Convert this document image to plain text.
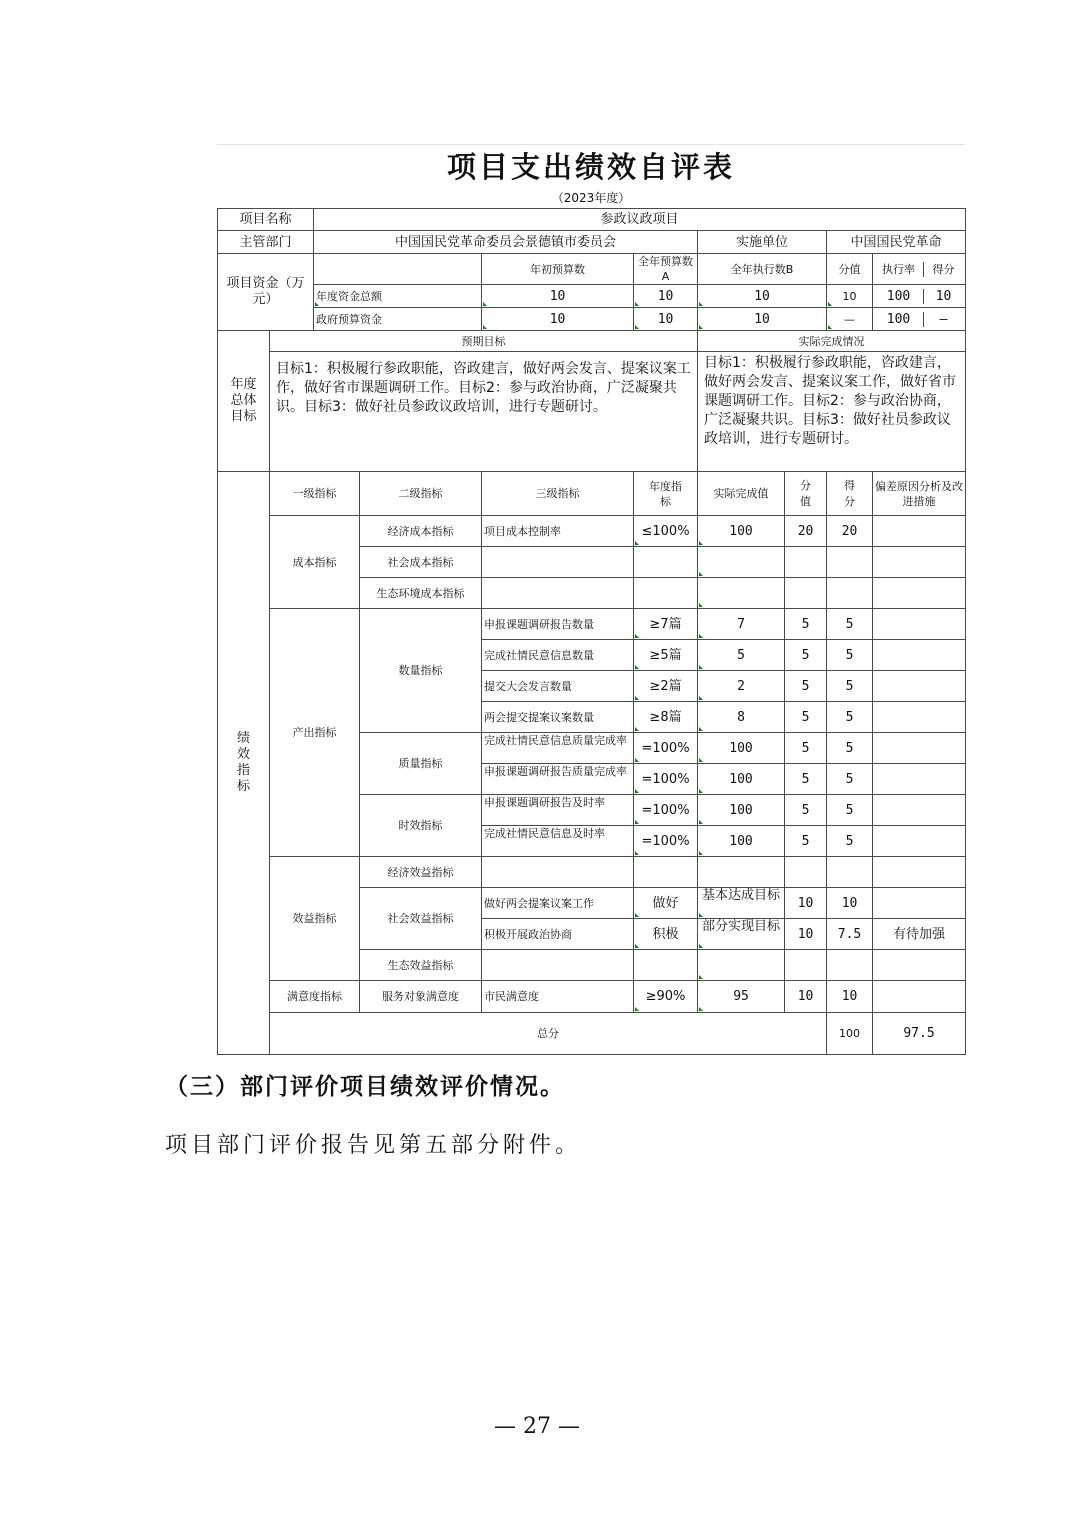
项目支出绩效自评表
（2023年度）
项目名称		参政议政项目								
主管部门		中国国民党革命委员会景德镇市委员会				实施单位		中国国民党革命		
项目资金（万元）				年初预算数	全年预算数A	全年执行数B		分值	执行率 得分	
		年度资金总额		10	10	10		10	100 10	
		政府预算资金		10	10	10		—	100 —	
年度总体目标	预期目标					实际完成情况				

	目标1：积极履行参政职能，咨政建言，做好两会发言、提案议案工作，做好省市课题调研工作。目标2：参与政治协商，广泛凝聚共识。目标3：做好社员参政议政培训，进行专题研讨。					目标1：积极履行参政职能，咨政建言，做好两会发言、提案议案工作，做好省市课题调研工作。目标2：参与政治协商，广泛凝聚共识。目标3：做好社员参政议政培训，进行专题研讨。				

绩效指标	一级指标		二级指标	三级指标	年度指标	实际完成值	分值	得分	偏差原因分析及改进措施	
	成本指标		经济成本指标	项目成本控制率	≤100%	100	20	20		
			社会成本指标							
			生态环境成本指标							
	产出指标		数量指标	申报课题调研报告数量	≥7篇	7	5	5		
				完成社情民意信息数量	≥5篇	5	5	5		
				提交大会发言数量	≥2篇	2	5	5		
				两会提交提案议案数量	≥8篇	8	5	5		
			质量指标	完成社情民意信息质量完成率	=100%	100	5	5		

				申报课题调研报告质量完成率	=100%	100	5	5		
			时效指标	申报课题调研报告及时率	=100%	100	5	5		

				完成社情民意信息及时率	=100%	100	5	5		
	效益指标		经济效益指标							
			社会效益指标	做好两会提案议案工作	做好	基本达成目标	10	10		
				积极开展政治协商	积极	部分实现目标	10	7.5	有待加强	
			生态效益指标							
	满意度指标		服务对象满意度	市民满意度	≥90%	95	10	10		
	总分							100	97.5	
（三）部门评价项目绩效评价情况。
项目部门评价报告见第五部分附件。
— 27 —
